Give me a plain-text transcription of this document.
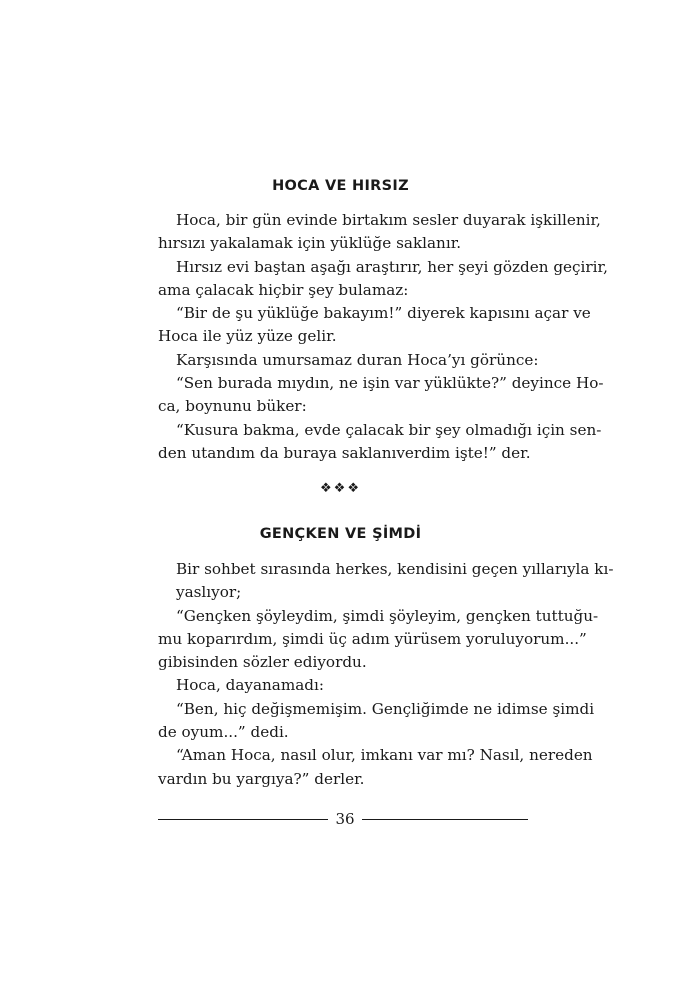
HOCA VE HIRSIZ
Hoca, bir gün evinde birtakım sesler duyarak işkillenir,
hırsızı yakalamak için yüklüğe saklanır.
Hırsız evi baştan aşağı araştırır, her şeyi gözden geçirir,
ama çalacak hiçbir şey bulamaz:
“Bir de şu yüklüğe bakayım!” diyerek kapısını açar ve
Hoca ile yüz yüze gelir.
Karşısında umursamaz duran Hoca’yı görünce:
“Sen burada mıydın, ne işin var yüklükte?” deyince Ho-
ca, boynunu büker:
“Kusura bakma, evde çalacak bir şey olmadığı için sen-
den utandım da buraya saklanıverdim işte!” der.
❖❖❖
GENÇKEN VE ŞİMDİ
Bir sohbet sırasında herkes, kendisini geçen yıllarıyla kı-
yaslıyor;
“Gençken şöyleydim, şimdi şöyleyim, gençken tuttuğu-
mu koparırdım, şimdi üç adım yürüsem yoruluyorum...”
gibisinden sözler ediyordu.
Hoca, dayanamadı:
“Ben, hiç değişmemişim. Gençliğimde ne idimse şimdi
de oyum...” dedi.
“Aman Hoca, nasıl olur, imkanı var mı? Nasıl, nereden
vardın bu yargıya?” derler.
36
